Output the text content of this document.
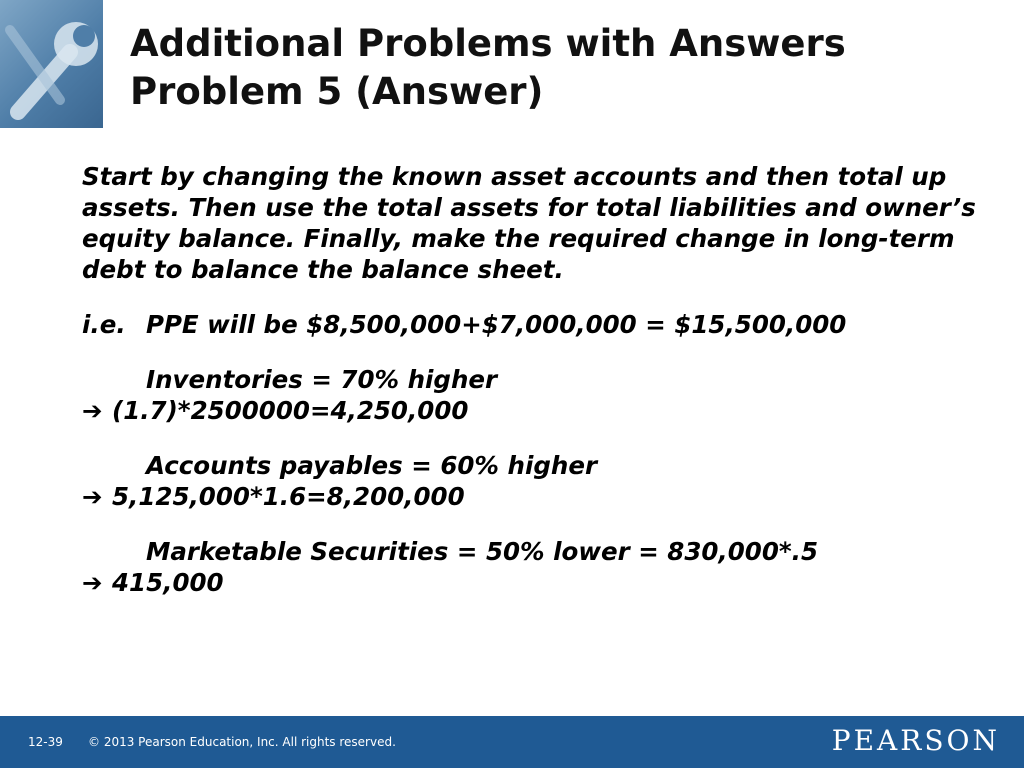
Additional Problems with Answers
Problem 5 (Answer)

Start by changing the known asset accounts and then total up assets. Then use the total assets for total liabilities and owner’s equity balance. Finally, make the required change in long-term debt to balance the balance sheet.

i.e. PPE will be $8,500,000+$7,000,000 = $15,500,000
Inventories = 70% higher
➔ (1.7)*2500000=4,250,000
Accounts payables = 60% higher
➔ 5,125,000*1.6=8,200,000
Marketable Securities = 50% lower = 830,000*.5
➔ 415,000
12-39 © 2013 Pearson Education, Inc. All rights reserved.	PEARSON
